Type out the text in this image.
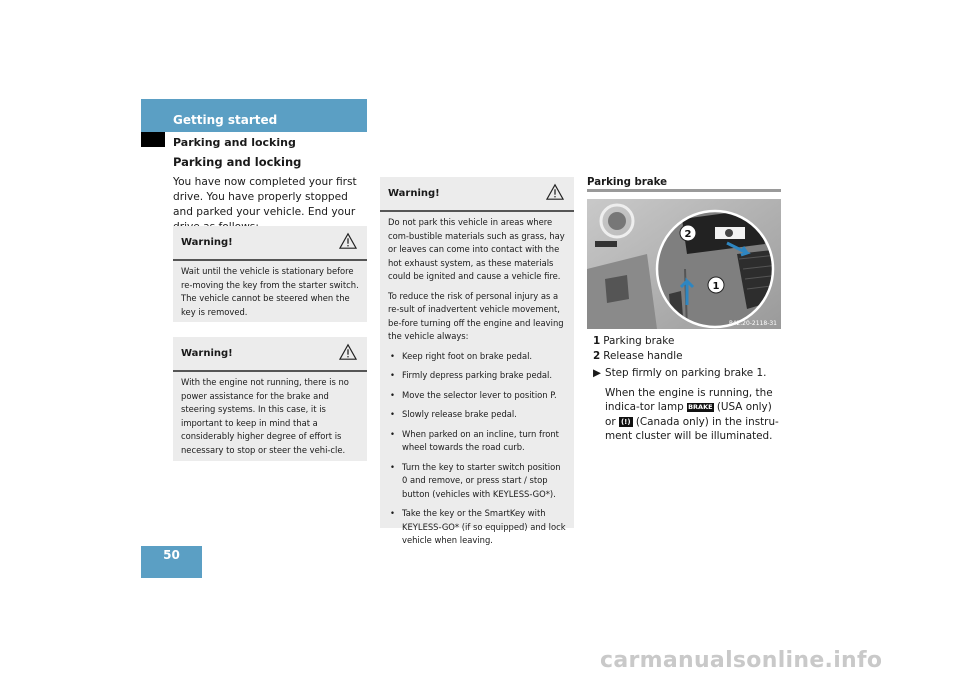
Getting started
Parking and locking
Parking and locking
You have now completed your first drive. You have properly stopped and parked your vehicle. End your
Warning!
Wait until the vehicle is stationary before re-moving the key from the starter switch. The vehicle cannot be steered when the key is removed.
Warning!
With the engine not running, there is no power assistance for the brake and steering systems. In this case, it is important to keep in mind that a considerably higher degree of effort is necessary to stop or steer the vehi-cle.
50
Warning!

Do not park this vehicle in areas where com-bustible materials such as grass, hay or leaves can come into contact with the hot exhaust system, as these materials could be ignited and cause a vehicle fire.

To reduce the risk of personal injury as a re-sult of inadvertent vehicle movement, be-fore turning off the engine and leaving the vehicle always:

• Keep right foot on brake pedal.
• Firmly depress parking brake pedal.
• Move the selector lever to position P.
• Slowly release brake pedal.
• When parked on an incline, turn front wheel towards the road curb.
• Turn the key to starter switch position 0 and remove, or press start / stop button (vehicles with KEYLESS-GO*).
• Take the key or the SmartKey with KEYLESS-GO* (if so equipped) and lock vehicle when leaving.
Parking brake
2
1
P42.20-2118-31
1 Parking brake
2 Release handle
▶ Step firmly on parking brake 1.
When the engine is running, the indica-tor lamp BRAKE (USA only)
or (!) (Canada only) in the instru-ment cluster will be illuminated.
carmanualsonline.info
